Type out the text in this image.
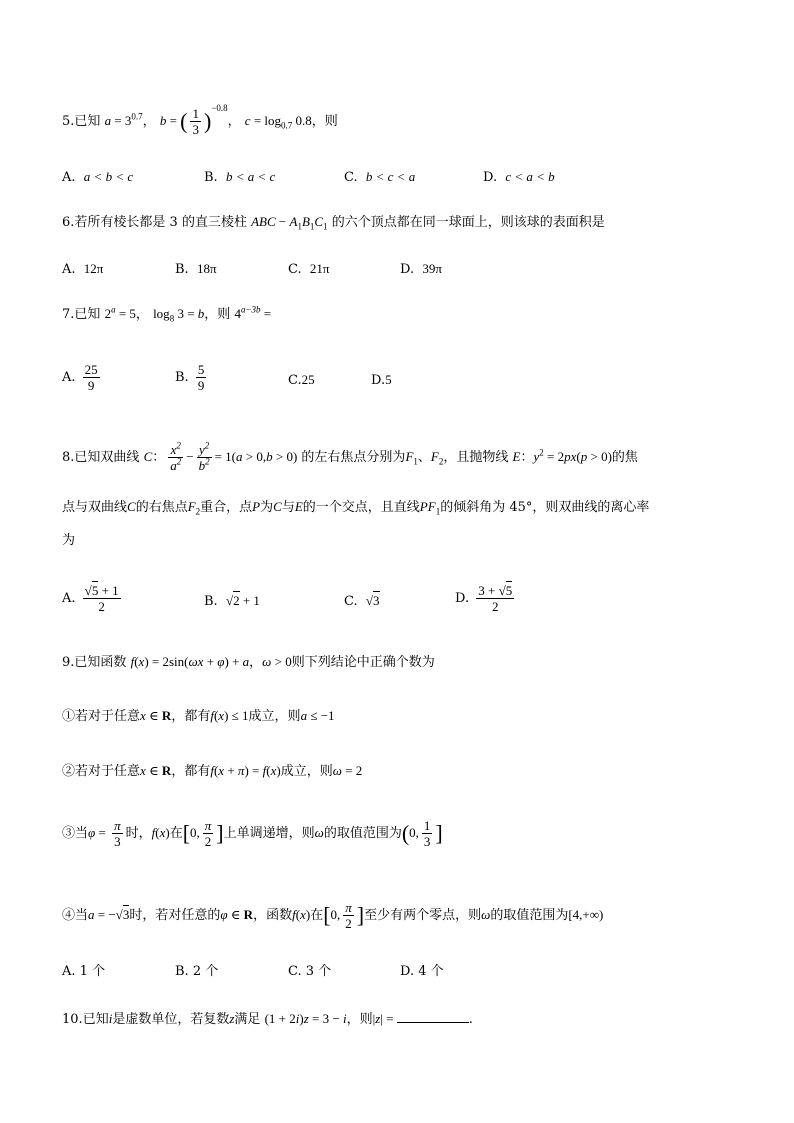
5.已知 $a = 3^{0.7}$， b = ( $\frac{1}{3} )^{-0.8}$， $c = \log_{0.7} 0.8$，则
A. a < b < c	B. b < a < c	C. b < c < a	D. c < a < b
6.若所有棱长都是 3 的直三棱柱 ABC − $A_1B_1C_1$ 的六个顶点都在同一球面上，则该球的表面积是
A. 12π	B. 18π	C. 21π	D. 39π
7.已知 $2^a = 5$， $\log_8 3 = b$，则 $4^{a-3b}$ =
A. $\frac{25}{9}$	B. $\frac{5}{9}$	C.25	D.5
8.已知双曲线 C： $\frac{x^2}{a^2} - \frac{y^2}{b^2} = 1(a > 0,b > 0)$ 的左右焦点分别为$F_1$、$F_2$，且抛物线 E：$y^2 = 2px(p > 0)$的焦
点与双曲线C的右焦点$F_2$重合，点P为C与E的一个交点，且直线$PF_1$的倾斜角为 45°，则双曲线的离心率
为
A. $\frac{√5 + 1}{2}$	B. √2 + 1	C. √3	D. $\frac{3 + √5}{2}$
9.已知函数 f(x) = 2sin(ωx + φ) + a，ω > 0则下列结论中正确个数为
①若对于任意x ∈ R，都有f(x) ≤ 1成立，则a ≤ −1
②若对于任意x ∈ R，都有f(x + π) = f(x)成立，则ω = 2
③当$\varphi = \frac{\pi}{3}$ 时，f(x)在[0, $\frac{\pi}{2}$ ]上单调递增，则ω的取值范围为(0, $\frac{1}{3}$ ]
④当a = −√3时，若对任意的φ ∈ R，函数f(x)在[0, $\frac{\pi}{2}$ ]至少有两个零点，则ω的取值范围为[4,+∞)
A. 1 个	B. 2 个	C. 3 个	D. 4 个
10.已知i是虚数单位，若复数z满足 (1 + 2i)z = 3 − i，则|z| =	.
